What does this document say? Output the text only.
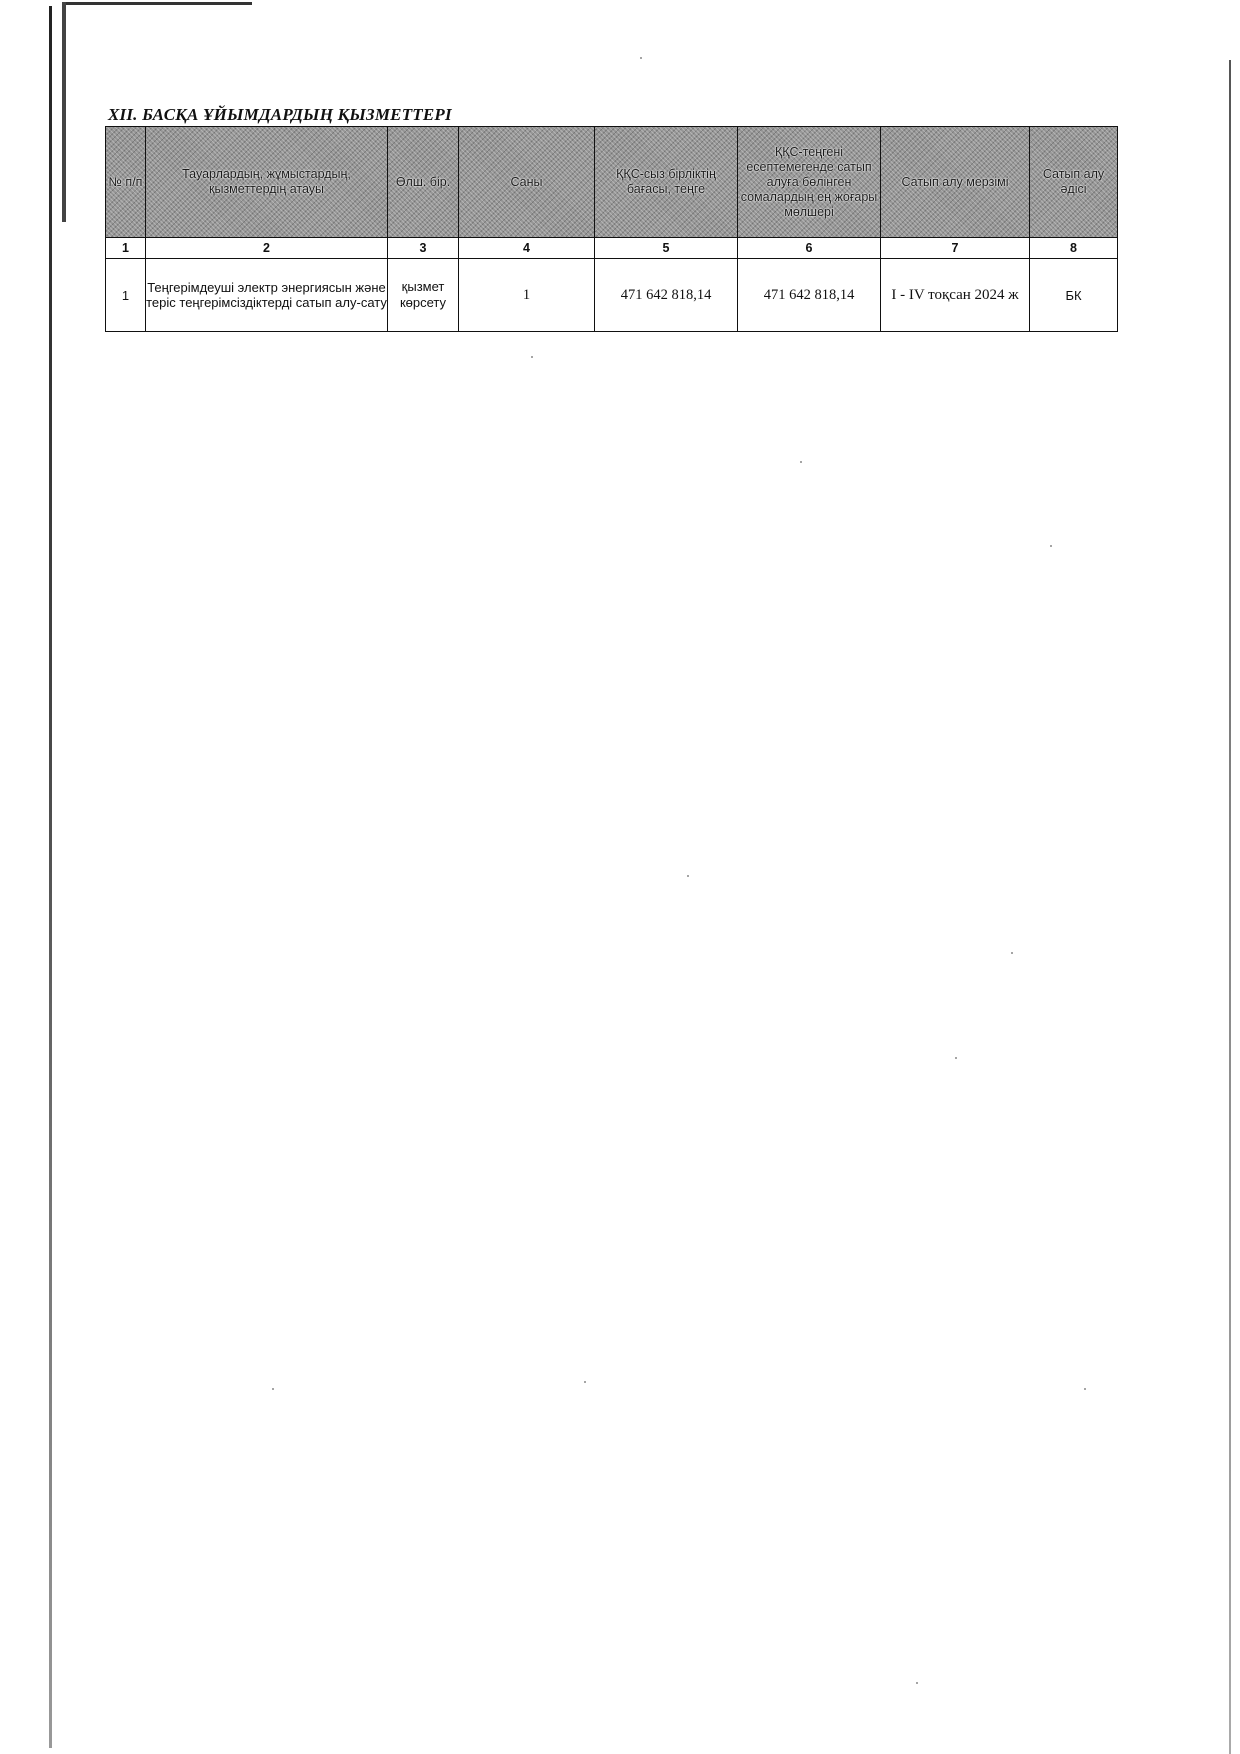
XII. БАСҚА ҰЙЫМДАРДЫҢ ҚЫЗМЕТТЕРІ
№ п/п	Тауарлардың, жұмыстардың, қызметтердің атауы	Өлш. бір.	Саны	ҚҚС-сыз бірліктің бағасы, теңге	ҚҚС-теңгені есептемегенде сатып алуға бөлінген сомалардың ең жоғары мөлшері	Сатып алу мерзімі	Сатып алу әдісі
1	2	3	4	5	6	7	8
1	Теңгерімдеуші электр энергиясын және теріс теңгерімсіздіктерді сатып алу-сату	қызмет көрсету	1	471 642 818,14	471 642 818,14	І - ІV тоқсан 2024 ж	БК
